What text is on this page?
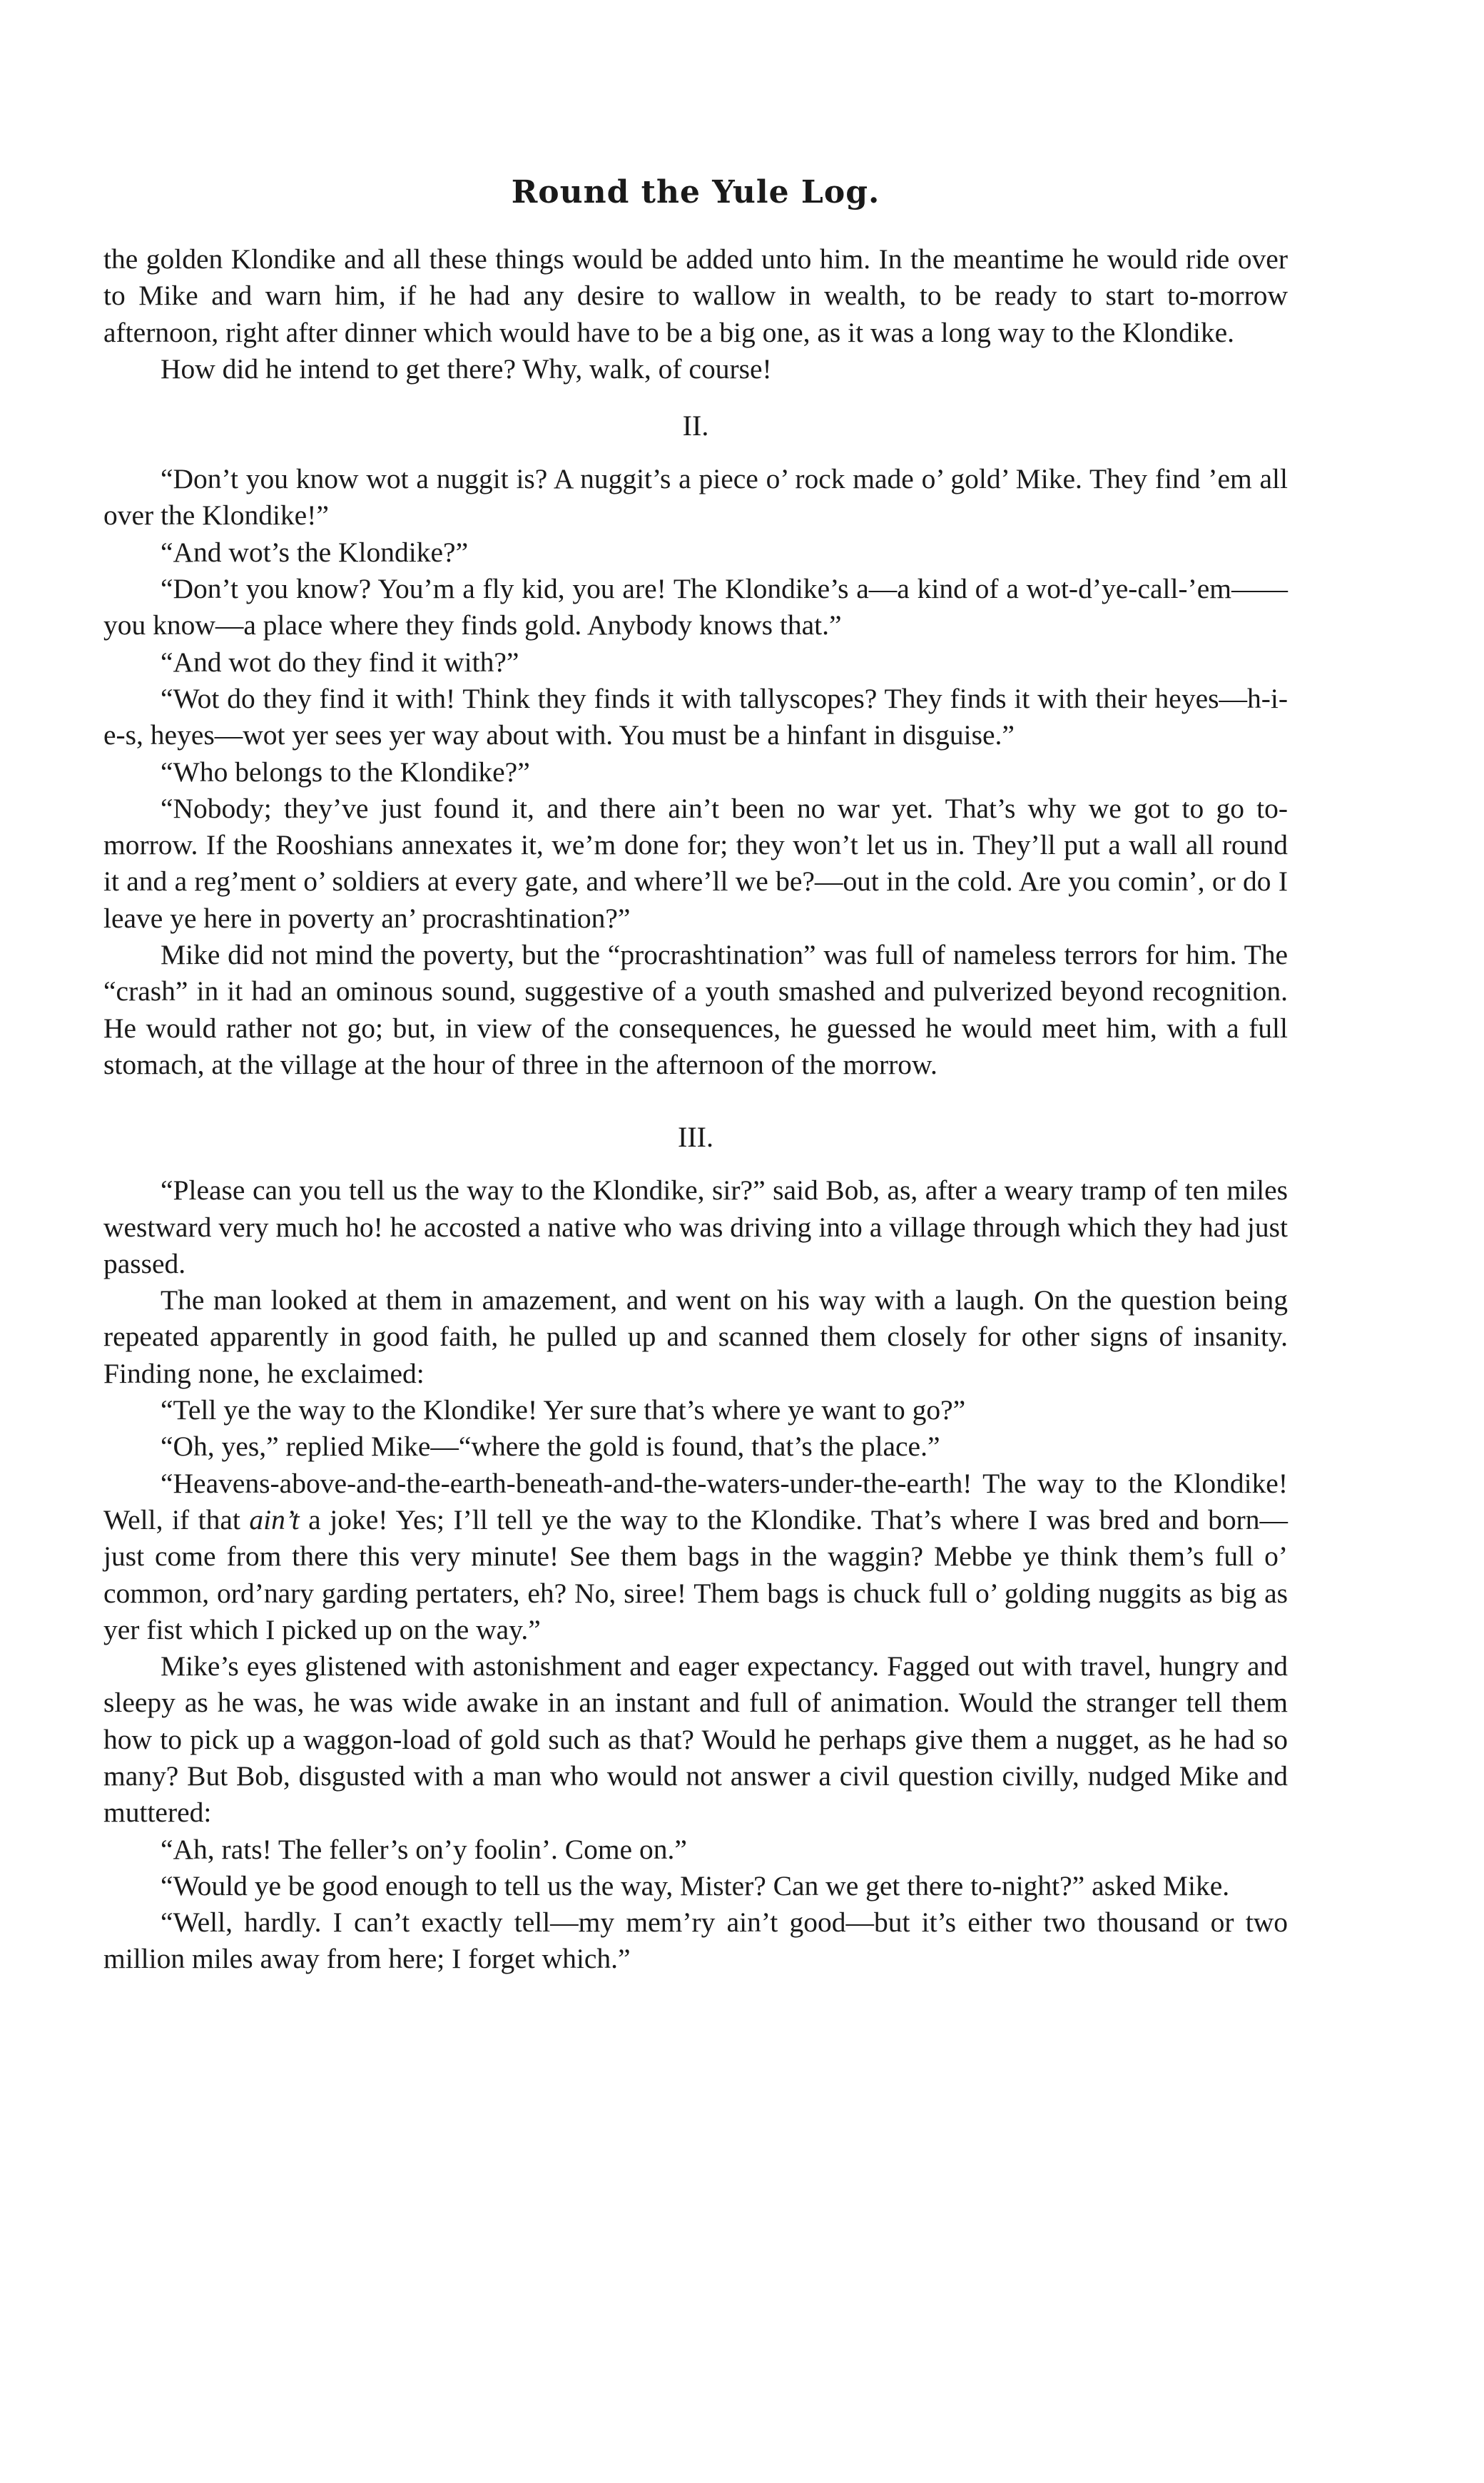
Round the Yule Log.

the golden Klondike and all these things would be added unto him. In the meantime he would ride over to Mike and warn him, if he had any desire to wallow in wealth, to be ready to start to-morrow afternoon, right after dinner which would have to be a big one, as it was a long way to the Klondike.

How did he intend to get there? Why, walk, of course!

II.

“Don’t you know wot a nuggit is? A nuggit’s a piece o’ rock made o’ gold’ Mike. They find ’em all over the Klondike!”

“And wot’s the Klondike?”

“Don’t you know? You’m a fly kid, you are! The Klondike’s a—a kind of a wot-d’ye-call-’em——you know—a place where they finds gold. Anybody knows that.”

“And wot do they find it with?”

“Wot do they find it with! Think they finds it with tallyscopes? They finds it with their heyes—h-i-e-s, heyes—wot yer sees yer way about with. You must be a hinfant in disguise.”

“Who belongs to the Klondike?”

“Nobody; they’ve just found it, and there ain’t been no war yet. That’s why we got to go to-morrow. If the Rooshians annexates it, we’m done for; they won’t let us in. They’ll put a wall all round it and a reg’ment o’ soldiers at every gate, and where’ll we be?—out in the cold. Are you comin’, or do I leave ye here in poverty an’ procrashtination?”

Mike did not mind the poverty, but the “procrashtination” was full of nameless terrors for him. The “crash” in it had an ominous sound, suggestive of a youth smashed and pulverized beyond recognition. He would rather not go; but, in view of the consequences, he guessed he would meet him, with a full stomach, at the village at the hour of three in the afternoon of the morrow.

III.

“Please can you tell us the way to the Klondike, sir?” said Bob, as, after a weary tramp of ten miles westward very much ho! he accosted a native who was driving into a village through which they had just passed.

The man looked at them in amazement, and went on his way with a laugh. On the question being repeated apparently in good faith, he pulled up and scanned them closely for other signs of insanity. Finding none, he exclaimed:

“Tell ye the way to the Klondike! Yer sure that’s where ye want to go?”

“Oh, yes,” replied Mike—“where the gold is found, that’s the place.”

“Heavens-above-and-the-earth-beneath-and-the-waters-under-the-earth! The way to the Klondike! Well, if that ain’t a joke! Yes; I’ll tell ye the way to the Klondike. That’s where I was bred and born—just come from there this very minute! See them bags in the waggin? Mebbe ye think them’s full o’ common, ord’nary garding pertaters, eh? No, siree! Them bags is chuck full o’ golding nuggits as big as yer fist which I picked up on the way.”

Mike’s eyes glistened with astonishment and eager expectancy. Fagged out with travel, hungry and sleepy as he was, he was wide awake in an instant and full of animation. Would the stranger tell them how to pick up a waggon-load of gold such as that? Would he perhaps give them a nugget, as he had so many? But Bob, disgusted with a man who would not answer a civil question civilly, nudged Mike and muttered:

“Ah, rats! The feller’s on’y foolin’. Come on.”

“Would ye be good enough to tell us the way, Mister? Can we get there to-night?” asked Mike.

“Well, hardly. I can’t exactly tell—my mem’ry ain’t good—but it’s either two thousand or two million miles away from here; I forget which.”
